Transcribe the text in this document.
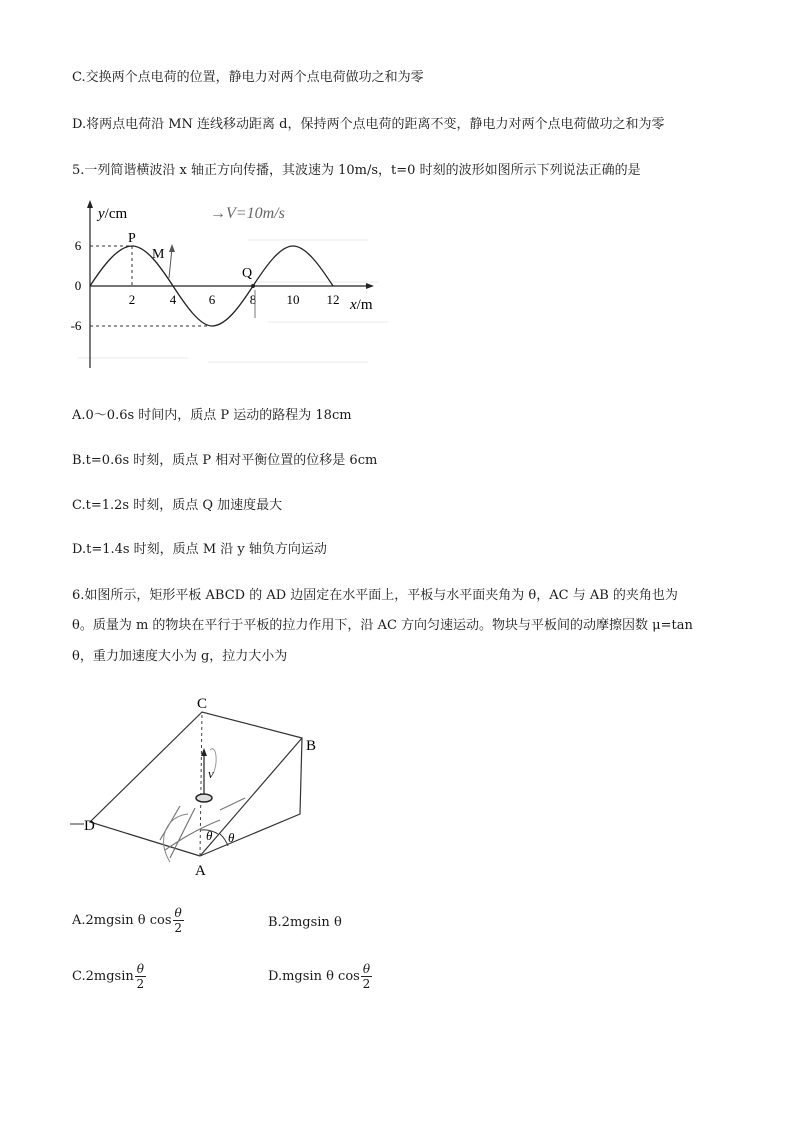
C.交换两个点电荷的位置，静电力对两个点电荷做功之和为零
D.将两点电荷沿 MN 连线移动距离 d，保持两个点电荷的距离不变，静电力对两个点电荷做功之和为零
5.一列简谐横波沿 x 轴正方向传播，其波速为 10m/s，t=0 时刻的波形如图所示下列说法正确的是
y/cm
x/m
→V=10m/s
6
0
-6
2	4	6	8 10 12
P
M
Q
A.0～0.6s 时间内，质点 P 运动的路程为 18cm
B.t=0.6s 时刻，质点 P 相对平衡位置的位移是 6cm
C.t=1.2s 时刻，质点 Q 加速度最大
D.t=1.4s 时刻，质点 M 沿 y 轴负方向运动
6.如图所示，矩形平板 ABCD 的 AD 边固定在水平面上，平板与水平面夹角为 θ，AC 与 AB 的夹角也为
θ。质量为 m 的物块在平行于平板的拉力作用下，沿 AC 方向匀速运动。物块与平板间的动摩擦因数 μ=tan
θ，重力加速度大小为 g，拉力大小为
v
θ θ
A
B
C
D
A.2mgsin θ $\cos \frac{\theta}{2}$	B.2mgsin θ
$C.2mgsin \frac{\theta}{2}$	D.mgsin θ $\cos \frac{\theta}{2}$
